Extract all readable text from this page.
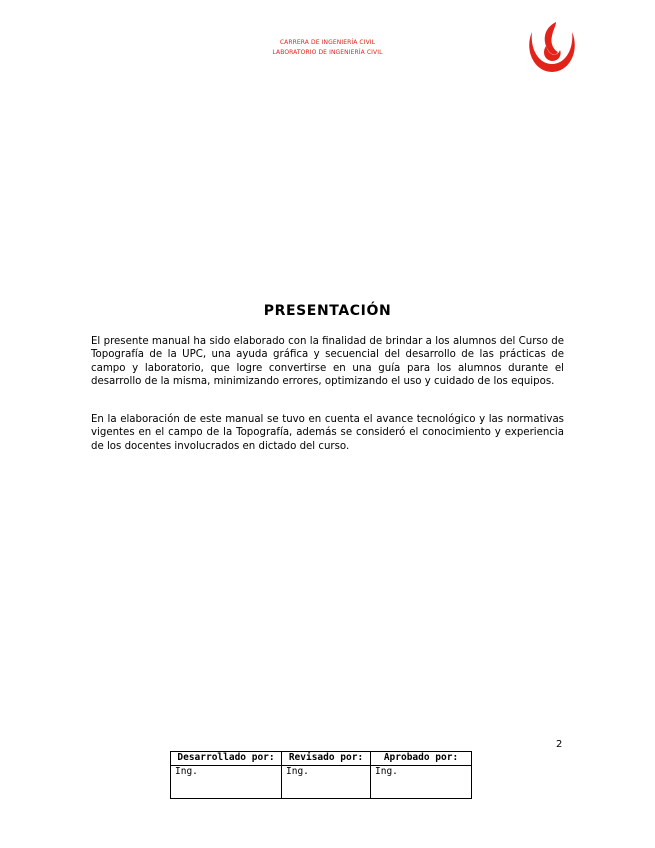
CARRERA DE INGENIERÍA CIVIL
LABORATORIO DE INGENIERÍA CIVIL
PRESENTACIÓN

El presente manual ha sido elaborado con la finalidad de brindar a los alumnos del Curso de Topografía de la UPC, una ayuda gráfica y secuencial del desarrollo de las prácticas de campo y laboratorio, que logre convertirse en una guía para los alumnos durante el desarrollo de la misma, minimizando errores, optimizando el uso y cuidado de los equipos.

En la elaboración de este manual se tuvo en cuenta el avance tecnológico y las normativas vigentes en el campo de la Topografía, además se consideró el conocimiento y experiencia de los docentes involucrados en dictado del curso.

2
Desarrollado por:	Revisado por:	Aprobado por:
Ing.	Ing.	Ing.
